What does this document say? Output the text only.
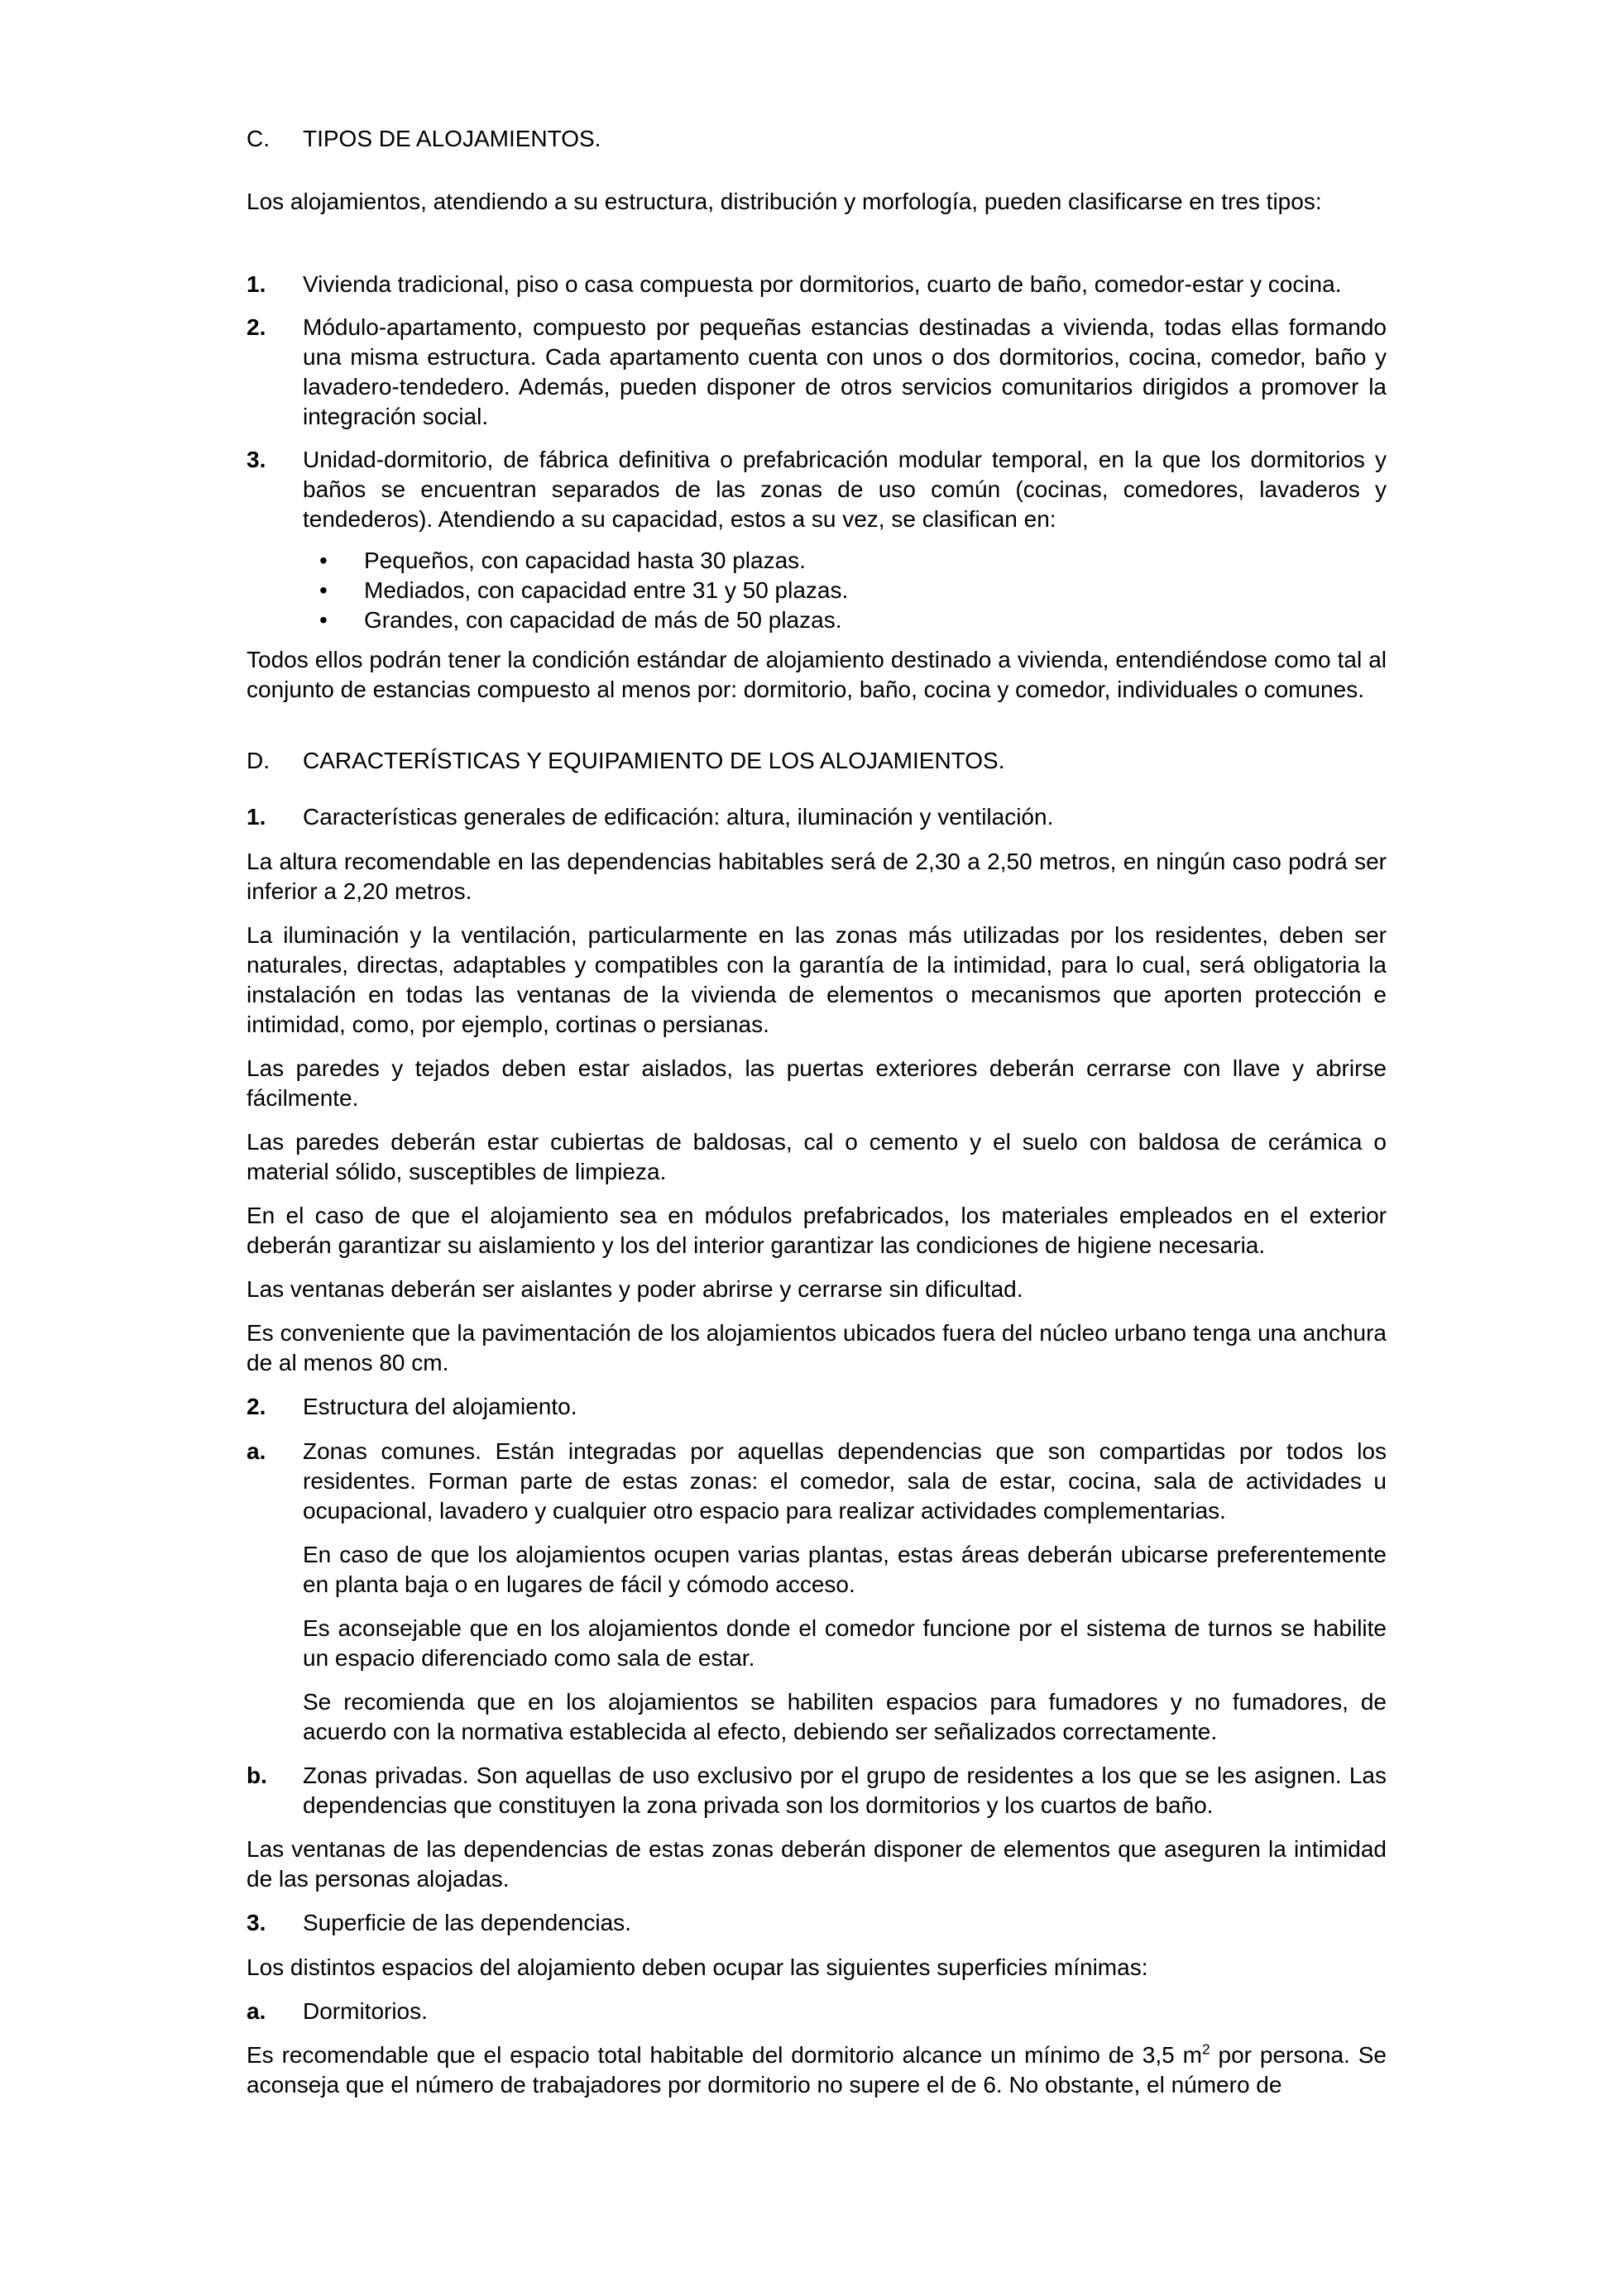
C. TIPOS DE ALOJAMIENTOS.

Los alojamientos, atendiendo a su estructura, distribución y morfología, pueden clasificarse en tres tipos:

1. Vivienda tradicional, piso o casa compuesta por dormitorios, cuarto de baño, comedor-estar y cocina.
2. Módulo-apartamento, compuesto por pequeñas estancias destinadas a vivienda, todas ellas formando una misma estructura. Cada apartamento cuenta con unos o dos dormitorios, cocina, comedor, baño y lavadero-tendedero. Además, pueden disponer de otros servicios comunitarios dirigidos a promover la integración social.
3. Unidad-dormitorio, de fábrica definitiva o prefabricación modular temporal, en la que los dormitorios y baños se encuentran separados de las zonas de uso común (cocinas, comedores, lavaderos y tendederos). Atendiendo a su capacidad, estos a su vez, se clasifican en:
• Pequeños, con capacidad hasta 30 plazas.
• Mediados, con capacidad entre 31 y 50 plazas.
• Grandes, con capacidad de más de 50 plazas.

Todos ellos podrán tener la condición estándar de alojamiento destinado a vivienda, entendiéndose como tal al conjunto de estancias compuesto al menos por: dormitorio, baño, cocina y comedor, individuales o comunes.

D. CARACTERÍSTICAS Y EQUIPAMIENTO DE LOS ALOJAMIENTOS.
1. Características generales de edificación: altura, iluminación y ventilación.

La altura recomendable en las dependencias habitables será de 2,30 a 2,50 metros, en ningún caso podrá ser inferior a 2,20 metros.

La iluminación y la ventilación, particularmente en las zonas más utilizadas por los residentes, deben ser naturales, directas, adaptables y compatibles con la garantía de la intimidad, para lo cual, será obligatoria la instalación en todas las ventanas de la vivienda de elementos o mecanismos que aporten protección e intimidad, como, por ejemplo, cortinas o persianas.

Las paredes y tejados deben estar aislados, las puertas exteriores deberán cerrarse con llave y abrirse fácilmente.

Las paredes deberán estar cubiertas de baldosas, cal o cemento y el suelo con baldosa de cerámica o material sólido, susceptibles de limpieza.

En el caso de que el alojamiento sea en módulos prefabricados, los materiales empleados en el exterior deberán garantizar su aislamiento y los del interior garantizar las condiciones de higiene necesaria.

Las ventanas deberán ser aislantes y poder abrirse y cerrarse sin dificultad.

Es conveniente que la pavimentación de los alojamientos ubicados fuera del núcleo urbano tenga una anchura de al menos 80 cm.

2. Estructura del alojamiento.
a. Zonas comunes. Están integradas por aquellas dependencias que son compartidas por todos los residentes. Forman parte de estas zonas: el comedor, sala de estar, cocina, sala de actividades u ocupacional, lavadero y cualquier otro espacio para realizar actividades complementarias.

En caso de que los alojamientos ocupen varias plantas, estas áreas deberán ubicarse preferentemente en planta baja o en lugares de fácil y cómodo acceso.

Es aconsejable que en los alojamientos donde el comedor funcione por el sistema de turnos se habilite un espacio diferenciado como sala de estar.

Se recomienda que en los alojamientos se habiliten espacios para fumadores y no fumadores, de acuerdo con la normativa establecida al efecto, debiendo ser señalizados correctamente.

b. Zonas privadas. Son aquellas de uso exclusivo por el grupo de residentes a los que se les asignen. Las dependencias que constituyen la zona privada son los dormitorios y los cuartos de baño.

Las ventanas de las dependencias de estas zonas deberán disponer de elementos que aseguren la intimidad de las personas alojadas.

3. Superficie de las dependencias.

Los distintos espacios del alojamiento deben ocupar las siguientes superficies mínimas:

a. Dormitorios.

Es recomendable que el espacio total habitable del dormitorio alcance un mínimo de 3,5 $m^2$ por persona. Se aconseja que el número de trabajadores por dormitorio no supere el de 6. No obstante, el número de
